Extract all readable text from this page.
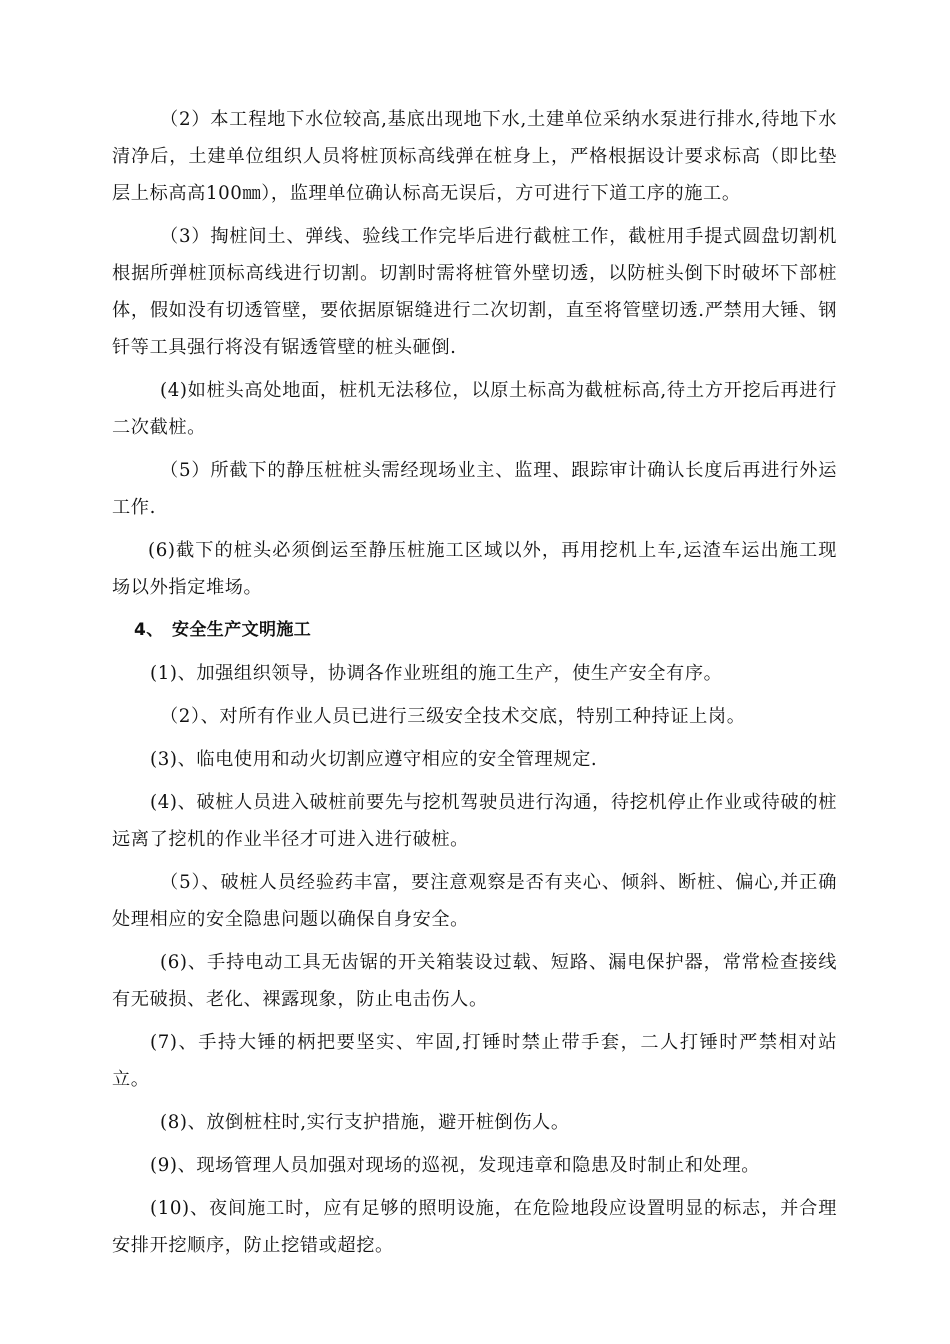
（2）本工程地下水位较高,基底出现地下水,土建单位采纳水泵进行排水,待地下水清净后，土建单位组织人员将桩顶标高线弹在桩身上，严格根据设计要求标高（即比垫层上标高高100㎜），监理单位确认标高无误后，方可进行下道工序的施工。

（3）掏桩间土、弹线、验线工作完毕后进行截桩工作，截桩用手提式圆盘切割机根据所弹桩顶标高线进行切割。切割时需将桩管外壁切透，以防桩头倒下时破坏下部桩体，假如没有切透管壁，要依据原锯缝进行二次切割，直至将管壁切透.严禁用大锤、钢钎等工具强行将没有锯透管壁的桩头砸倒.

(4)如桩头高处地面，桩机无法移位，以原土标高为截桩标高,待土方开挖后再进行二次截桩。

（5）所截下的静压桩桩头需经现场业主、监理、跟踪审计确认长度后再进行外运工作.

(6)截下的桩头必须倒运至静压桩施工区域以外，再用挖机上车,运渣车运出施工现场以外指定堆场。

4、 安全生产文明施工

(1)、加强组织领导，协调各作业班组的施工生产，使生产安全有序。

（2）、对所有作业人员已进行三级安全技术交底，特别工种持证上岗。

(3)、临电使用和动火切割应遵守相应的安全管理规定.

(4)、破桩人员进入破桩前要先与挖机驾驶员进行沟通，待挖机停止作业或待破的桩远离了挖机的作业半径才可进入进行破桩。

（5）、破桩人员经验药丰富，要注意观察是否有夹心、倾斜、断桩、偏心,并正确处理相应的安全隐患问题以确保自身安全。

(6)、手持电动工具无齿锯的开关箱装设过载、短路、漏电保护器，常常检查接线有无破损、老化、裸露现象，防止电击伤人。

(7)、手持大锤的柄把要坚实、牢固,打锤时禁止带手套，二人打锤时严禁相对站立。

(8)、放倒桩柱时,实行支护措施，避开桩倒伤人。

(9)、现场管理人员加强对现场的巡视，发现违章和隐患及时制止和处理。

(10)、夜间施工时，应有足够的照明设施，在危险地段应设置明显的标志，并合理安排开挖顺序，防止挖错或超挖。
